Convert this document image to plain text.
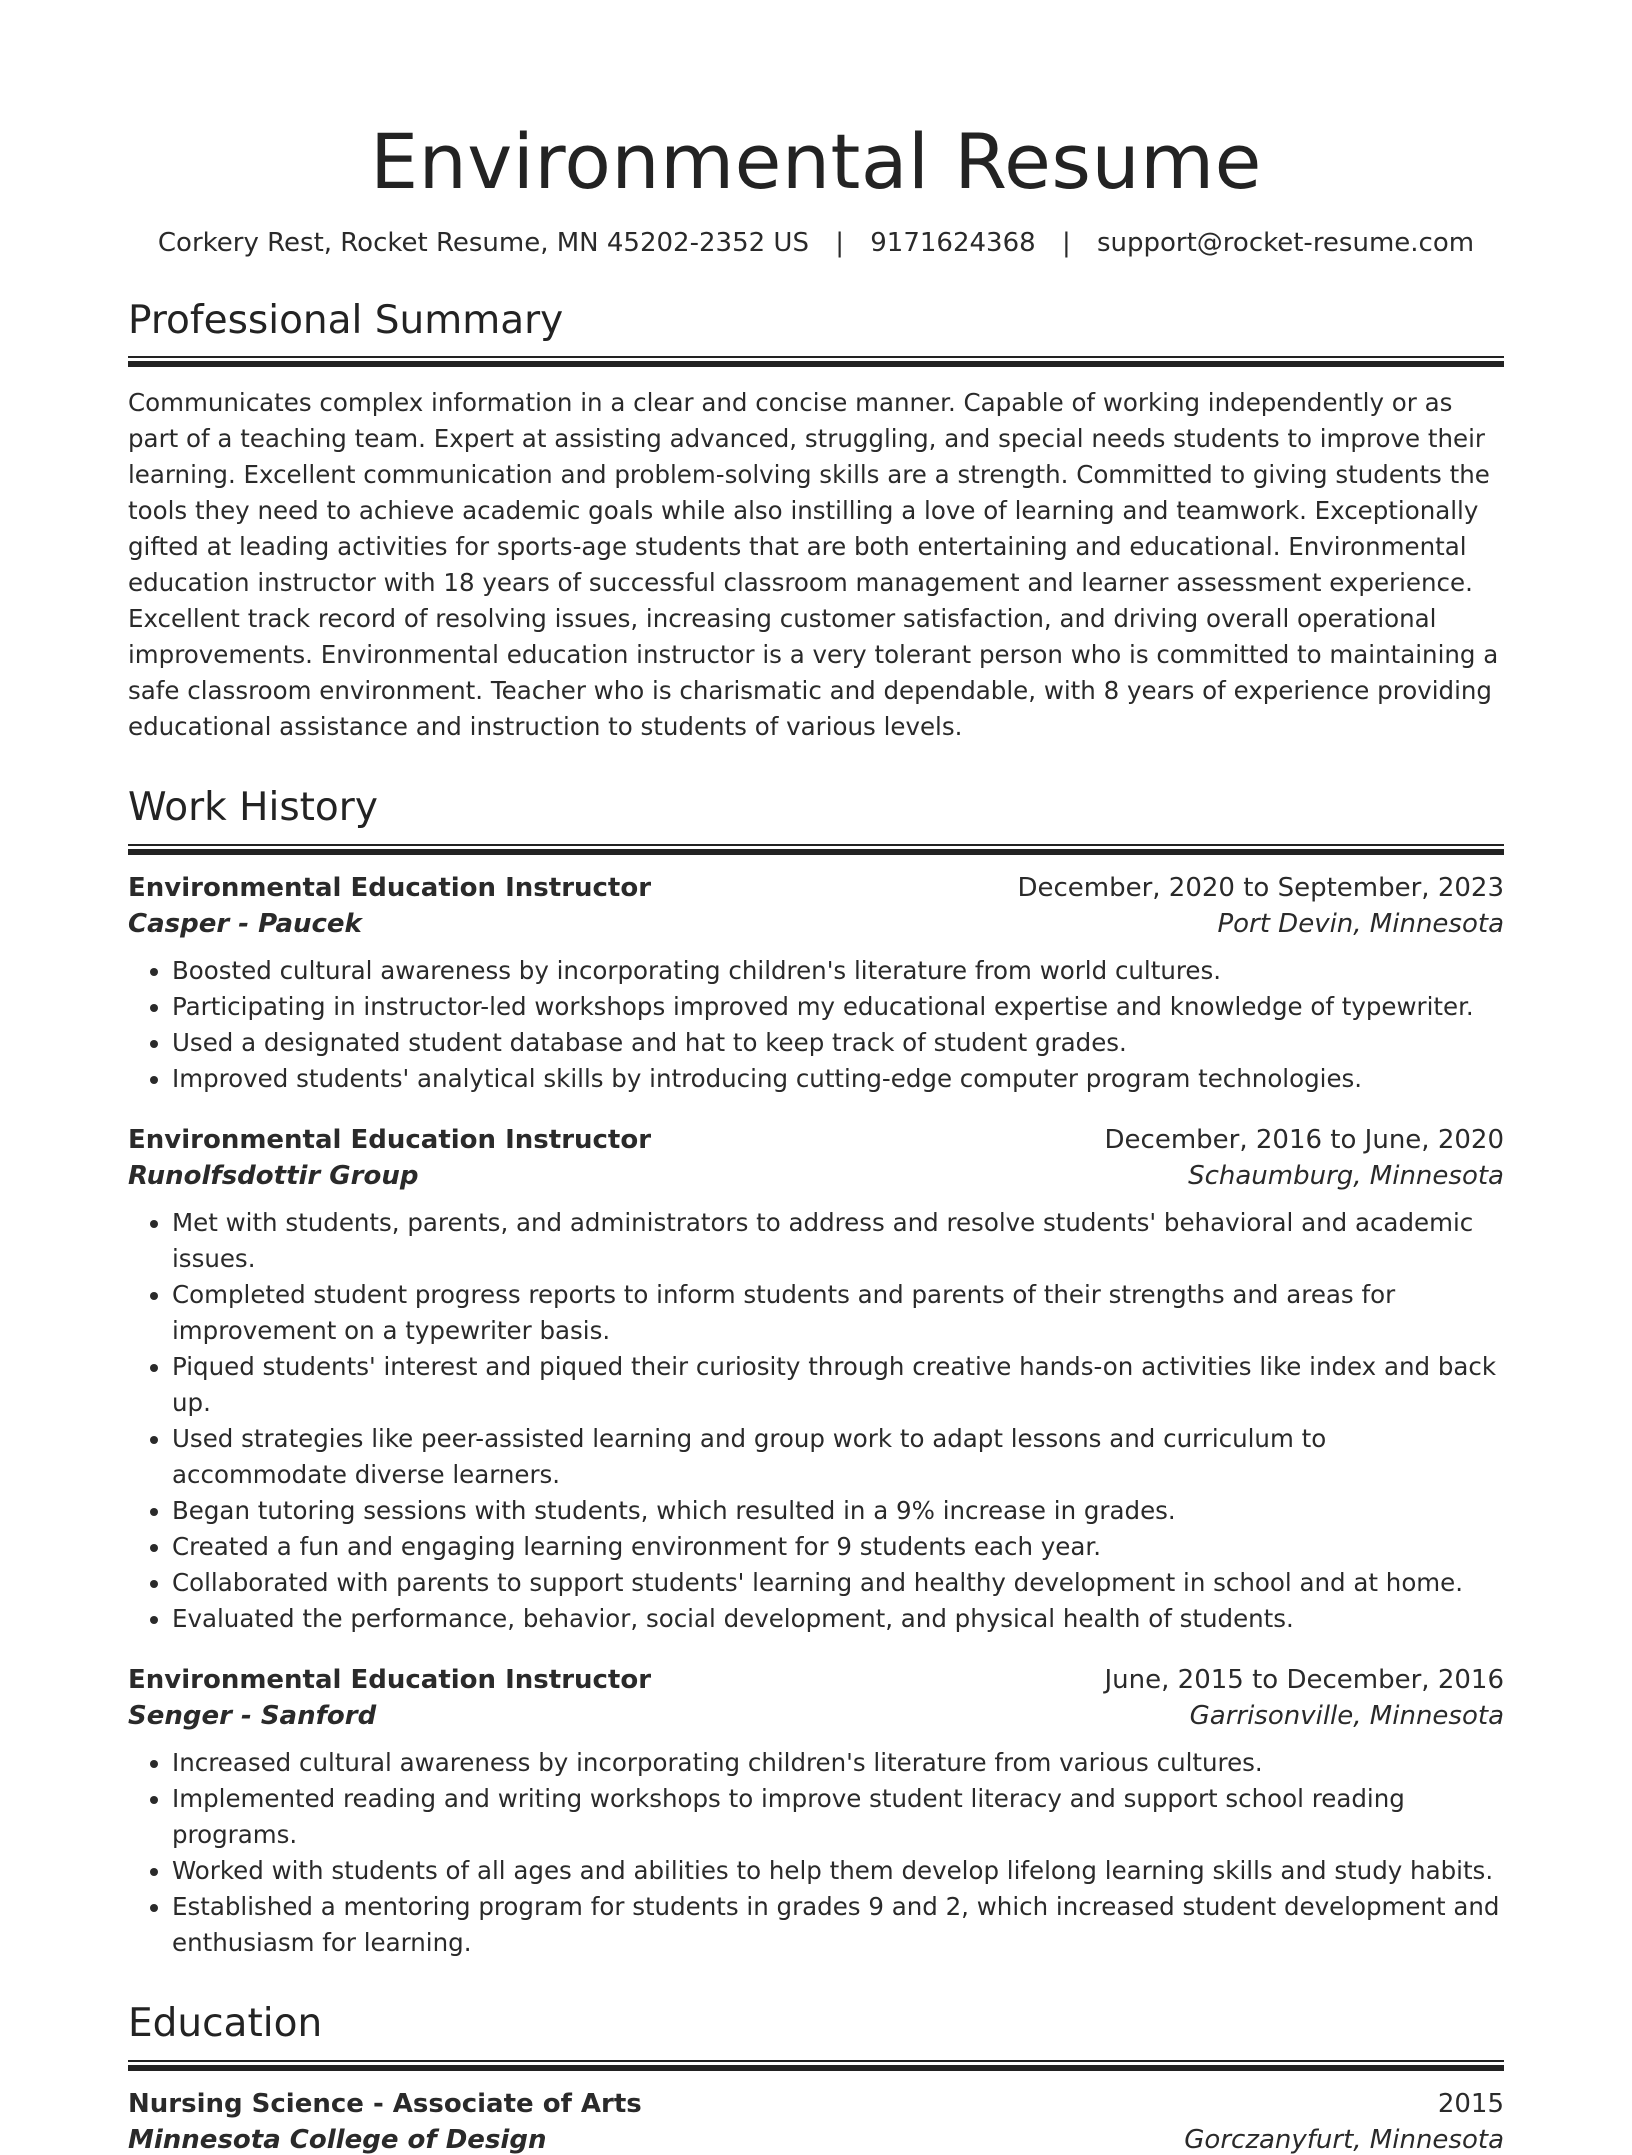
Environmental Resume
Corkery Rest, Rocket Resume, MN 45202-2352 US | 9171624368 | support@rocket-resume.com
Professional Summary

Communicates complex information in a clear and concise manner. Capable of working independently or as part of a teaching team. Expert at assisting advanced, struggling, and special needs students to improve their learning. Excellent communication and problem-solving skills are a strength. Committed to giving students the tools they need to achieve academic goals while also instilling a love of learning and teamwork. Exceptionally gifted at leading activities for sports-age students that are both entertaining and educational. Environmental education instructor with 18 years of successful classroom management and learner assessment experience. Excellent track record of resolving issues, increasing customer satisfaction, and driving overall operational improvements. Environmental education instructor is a very tolerant person who is committed to maintaining a safe classroom environment. Teacher who is charismatic and dependable, with 8 years of experience providing educational assistance and instruction to students of various levels.

Work History
Environmental Education Instructor	December, 2020 to September, 2023
Casper - Paucek	Port Devin, Minnesota
• Boosted cultural awareness by incorporating children's literature from world cultures.
• Participating in instructor-led workshops improved my educational expertise and knowledge of typewriter.
• Used a designated student database and hat to keep track of student grades.
• Improved students' analytical skills by introducing cutting-edge computer program technologies.
Environmental Education Instructor	December, 2016 to June, 2020
Runolfsdottir Group	Schaumburg, Minnesota
• Met with students, parents, and administrators to address and resolve students' behavioral and academic issues.
• Completed student progress reports to inform students and parents of their strengths and areas for improvement on a typewriter basis.
• Piqued students' interest and piqued their curiosity through creative hands-on activities like index and back up.
• Used strategies like peer-assisted learning and group work to adapt lessons and curriculum to accommodate diverse learners.
• Began tutoring sessions with students, which resulted in a 9% increase in grades.
• Created a fun and engaging learning environment for 9 students each year.
• Collaborated with parents to support students' learning and healthy development in school and at home.
• Evaluated the performance, behavior, social development, and physical health of students.
Environmental Education Instructor	June, 2015 to December, 2016
Senger - Sanford	Garrisonville, Minnesota
• Increased cultural awareness by incorporating children's literature from various cultures.
• Implemented reading and writing workshops to improve student literacy and support school reading programs.
• Worked with students of all ages and abilities to help them develop lifelong learning skills and study habits.
• Established a mentoring program for students in grades 9 and 2, which increased student development and enthusiasm for learning.
Education
Nursing Science - Associate of Arts	2015
Minnesota College of Design	Gorczanyfurt, Minnesota
